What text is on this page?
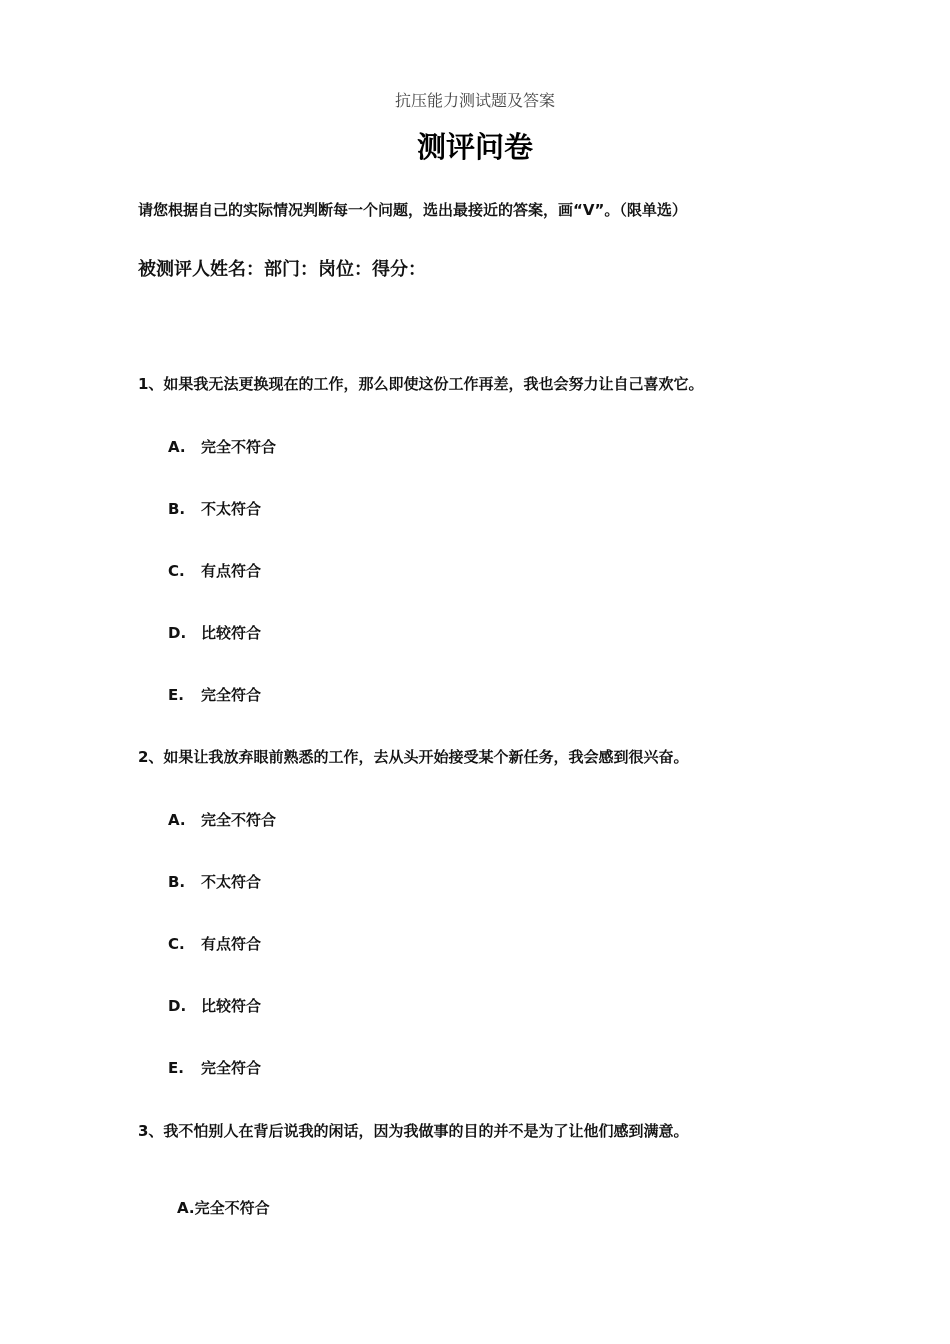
抗压能力测试题及答案
测评问卷
请您根据自己的实际情况判断每一个问题，选出最接近的答案，画“V”。（限单选）
被测评人姓名：部门：岗位：得分：
1、如果我无法更换现在的工作，那么即使这份工作再差，我也会努力让自己喜欢它。
A. 完全不符合
B. 不太符合
C. 有点符合
D. 比较符合
E. 完全符合
2、如果让我放弃眼前熟悉的工作，去从头开始接受某个新任务，我会感到很兴奋。
A. 完全不符合
B. 不太符合
C. 有点符合
D. 比较符合
E. 完全符合
3、我不怕别人在背后说我的闲话，因为我做事的目的并不是为了让他们感到满意。
A.完全不符合
